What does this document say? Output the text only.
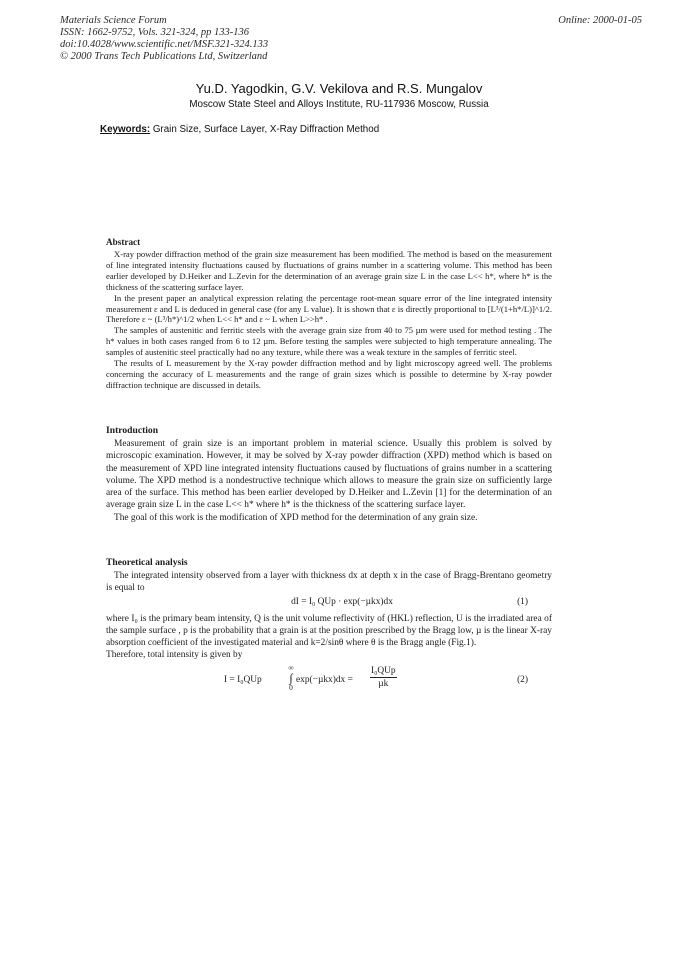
Materials Science Forum
ISSN: 1662-9752, Vols. 321-324, pp 133-136
doi:10.4028/www.scientific.net/MSF.321-324.133
© 2000 Trans Tech Publications Ltd, Switzerland
Online: 2000-01-05
Yu.D. Yagodkin, G.V. Vekilova and R.S. Mungalov
Moscow State Steel and Alloys Institute, RU-117936 Moscow, Russia
Keywords: Grain Size, Surface Layer, X-Ray Diffraction Method
Abstract

X-ray powder diffraction method of the grain size measurement has been modified. The method is based on the measurement of line integrated intensity fluctuations caused by fluctuations of grains number in a scattering volume. This method has been earlier developed by D.Heiker and L.Zevin for the determination of an average grain size L in the case L<< h*, where h* is the thickness of the scattering surface layer.

In the present paper an analytical expression relating the percentage root-mean square error of the line integrated intensity measurement ε and L is deduced in general case (for any L value). It is shown that ε is directly proportional to [L³/(1+h*/L)]^1/2. Therefore ε ~ (L³/h*)^1/2 when L<< h* and ε ~ L when L>>h* .

The samples of austenitic and ferritic steels with the average grain size from 40 to 75 µm were used for method testing . The h* values in both cases ranged from 6 to 12 µm. Before testing the samples were subjected to high temperature annealing. The samples of austenitic steel practically had no any texture, while there was a weak texture in the samples of ferritic steel.

The results of L measurement by the X-ray powder diffraction method and by light microscopy agreed well. The problems concerning the accuracy of L measurements and the range of grain sizes which is possible to determine by X-ray powder diffraction technique are discussed in details.

Introduction

Measurement of grain size is an important problem in material science. Usually this problem is solved by microscopic examination. However, it may be solved by X-ray powder diffraction (XPD) method which is based on the measurement of XPD line integrated intensity fluctuations caused by fluctuations of grains number in a scattering volume. The XPD method is a nondestructive technique which allows to measure the grain size on sufficiently large area of the surface. This method has been earlier developed by D.Heiker and L.Zevin [1] for the determination of an average grain size L in the case L<< h* where h* is the thickness of the scattering surface layer.

The goal of this work is the modification of XPD method for the determination of any grain size.

Theoretical analysis

The integrated intensity observed from a layer with thickness dx at depth x in the case of Bragg-Brentano geometry is equal to

dI = I₀ QUp · exp(−µkx)dx	(1)

where I₀ is the primary beam intensity, Q is the unit volume reflectivity of (HKL) reflection, U is the irradiated area of the sample surface , p is the probability that a grain is at the position prescribed by the Bragg low, µ is the linear X-ray absorption coefficient of the investigated material and k=2/sinθ where θ is the Bragg angle (Fig.1).

Therefore, total intensity is given by

I = I₀QUp
∞
∫
0
exp(−µkx)dx =
I₀QUp
µk	(2)
